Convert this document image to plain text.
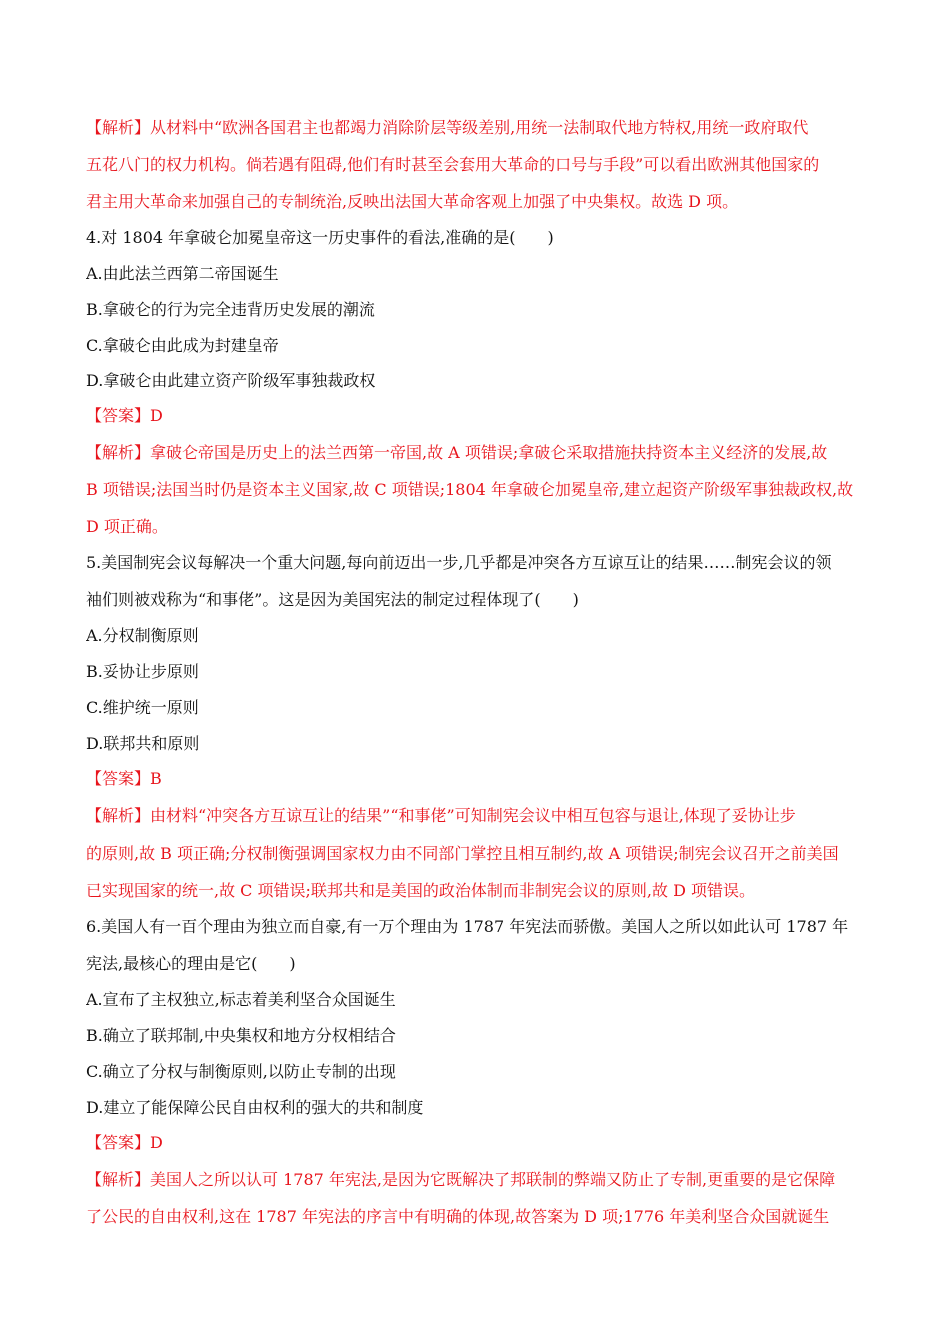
【解析】从材料中“欧洲各国君主也都竭力消除阶层等级差别,用统一法制取代地方特权,用统一政府取代
五花八门的权力机构。倘若遇有阻碍,他们有时甚至会套用大革命的口号与手段”可以看出欧洲其他国家的
君主用大革命来加强自己的专制统治,反映出法国大革命客观上加强了中央集权。故选 D 项。
4.对 1804 年拿破仑加冕皇帝这一历史事件的看法,准确的是(　　)
A.由此法兰西第二帝国诞生
B.拿破仑的行为完全违背历史发展的潮流
C.拿破仑由此成为封建皇帝
D.拿破仑由此建立资产阶级军事独裁政权
【答案】D
【解析】拿破仑帝国是历史上的法兰西第一帝国,故 A 项错误;拿破仑采取措施扶持资本主义经济的发展,故
B 项错误;法国当时仍是资本主义国家,故 C 项错误;1804 年拿破仑加冕皇帝,建立起资产阶级军事独裁政权,故
D 项正确。
5.美国制宪会议每解决一个重大问题,每向前迈出一步,几乎都是冲突各方互谅互让的结果……制宪会议的领
袖们则被戏称为“和事佬”。这是因为美国宪法的制定过程体现了(　　)
A.分权制衡原则
B.妥协让步原则
C.维护统一原则
D.联邦共和原则
【答案】B
【解析】由材料“冲突各方互谅互让的结果”“和事佬”可知制宪会议中相互包容与退让,体现了妥协让步
的原则,故 B 项正确;分权制衡强调国家权力由不同部门掌控且相互制约,故 A 项错误;制宪会议召开之前美国
已实现国家的统一,故 C 项错误;联邦共和是美国的政治体制而非制宪会议的原则,故 D 项错误。
6.美国人有一百个理由为独立而自豪,有一万个理由为 1787 年宪法而骄傲。美国人之所以如此认可 1787 年
宪法,最核心的理由是它(　　)
A.宣布了主权独立,标志着美利坚合众国诞生
B.确立了联邦制,中央集权和地方分权相结合
C.确立了分权与制衡原则,以防止专制的出现
D.建立了能保障公民自由权利的强大的共和制度
【答案】D
【解析】美国人之所以认可 1787 年宪法,是因为它既解决了邦联制的弊端又防止了专制,更重要的是它保障
了公民的自由权利,这在 1787 年宪法的序言中有明确的体现,故答案为 D 项;1776 年美利坚合众国就诞生
